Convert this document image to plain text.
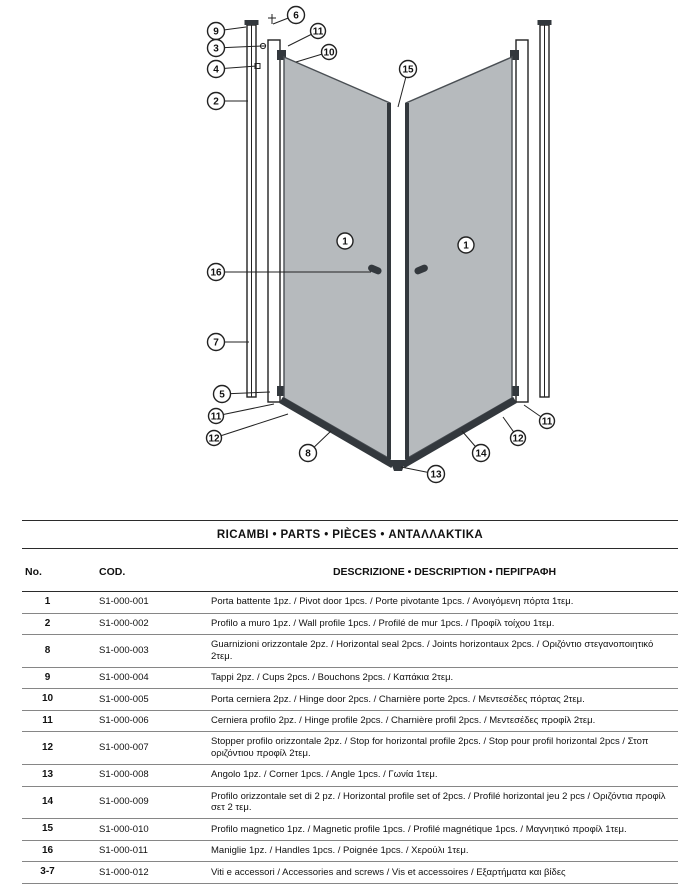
6
11
10
9
3
4
2
15
1	1
16
7
5
11
12
8
13
14
12
11
RICAMBI • PARTS • PIÈCES • ΑΝΤΑΛΛΑΚΤΙΚΑ
No.	COD.	DESCRIZIONE • DESCRIPTION • ΠΕΡΙΓΡΑΦΗ
1	S1-000-001	Porta battente 1pz. / Pivot door 1pcs. / Porte pivotante 1pcs. / Ανοιγόμενη πόρτα 1τεμ.
2	S1-000-002	Profilo a muro 1pz. / Wall profile 1pcs. / Profilé de mur 1pcs. / Προφίλ τοίχου 1τεμ.
8	S1-000-003	Guarnizioni orizzontale 2pz. / Horizontal seal 2pcs. / Joints horizontaux 2pcs. / Οριζόντιο στεγανοποιητικό 2τεμ.
9	S1-000-004	Tappi 2pz. / Cups 2pcs. / Bouchons 2pcs. / Καπάκια 2τεμ.
10	S1-000-005	Porta cerniera 2pz. / Hinge door 2pcs. / Charnière porte 2pcs. / Μεντεσέδες πόρτας 2τεμ.
11	S1-000-006	Cerniera profilo 2pz. / Hinge profile 2pcs. / Charnière profil 2pcs. / Μεντεσέδες προφίλ 2τεμ.
12	S1-000-007	Stopper profilo orizzontale 2pz. / Stop for horizontal profile 2pcs. / Stop pour profil horizontal 2pcs / Στοπ οριζόντιου προφίλ 2τεμ.
13	S1-000-008	Angolo 1pz. / Corner 1pcs. / Angle 1pcs. / Γωνία 1τεμ.
14	S1-000-009	Profilo orizzontale set di 2 pz. / Horizontal profile set of 2pcs. / Profilé horizontal jeu 2 pcs / Οριζόντια προφίλ σετ 2 τεμ.
15	S1-000-010	Profilo magnetico 1pz. / Magnetic profile 1pcs. / Profilé magnétique 1pcs. / Μαγνητικό προφίλ 1τεμ.
16	S1-000-011	Maniglie 1pz. / Handles 1pcs. / Poignée 1pcs. / Χερούλι 1τεμ.
3-7	S1-000-012	Viti e accessori / Accessories and screws / Vis et accessoires / Εξαρτήματα και βίδες
